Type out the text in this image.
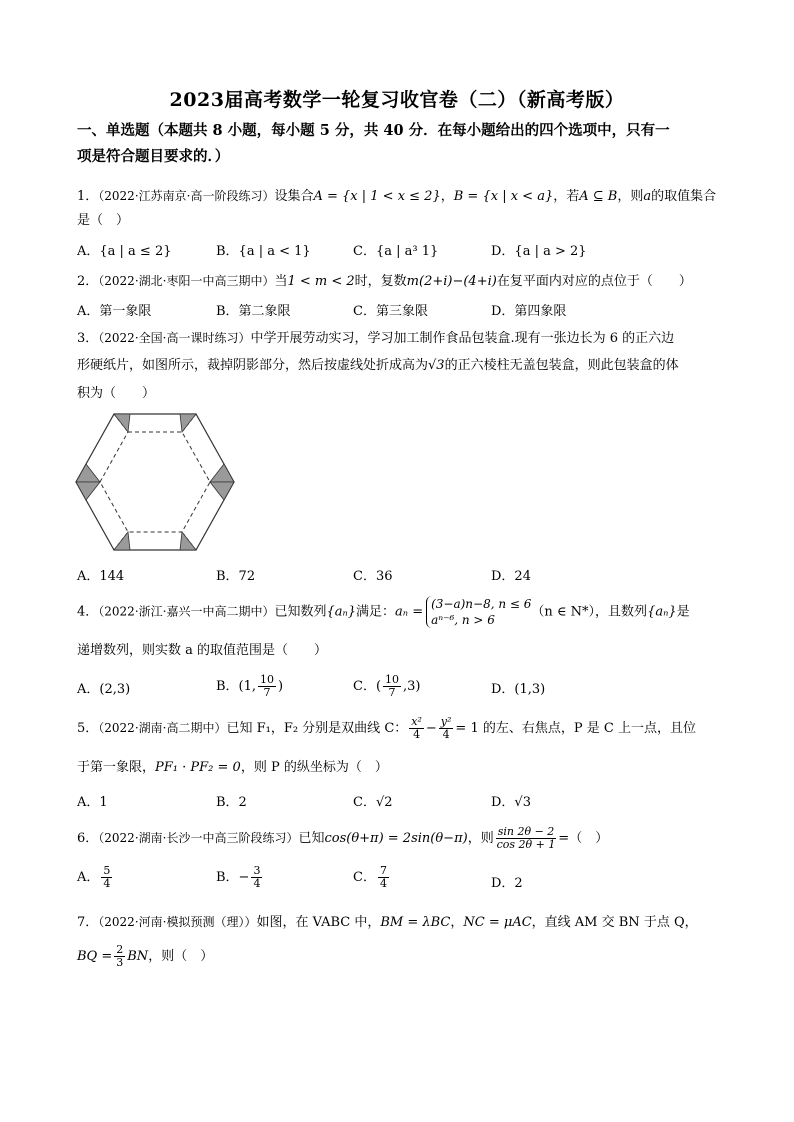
2023届高考数学一轮复习收官卷（二）（新高考版）
一、单选题（本题共 8 小题，每小题 5 分，共 40 分．在每小题给出的四个选项中，只有一
项是符合题目要求的．）
1．（2022·江苏南京·高一阶段练习）设集合A = {x | 1 < x ≤ 2}，B = {x | x < a}，若A ⊆ B，则a的取值集合
是（　）
A．{a | a ≤ 2}	B．{a | a < 1}	C．{a | a³ 1}	D．{a | a > 2}
2．（2022·湖北·枣阳一中高三期中）当1 < m < 2时，复数m(2+i)−(4+i)在复平面内对应的点位于（　　）
A．第一象限	B．第二象限	C．第三象限	D．第四象限
3．（2022·全国·高一课时练习）中学开展劳动实习，学习加工制作食品包装盒.现有一张边长为 6 的正六边
形硬纸片，如图所示，裁掉阴影部分，然后按虚线处折成高为√3的正六棱柱无盖包装盒，则此包装盒的体
积为（　　）
A．144	B．72	C．36	D．24
4．（2022·浙江·嘉兴一中高二期中）已知数列{aₙ}满足：aₙ =
(3−a)n−8, n ≤ 6
aⁿ⁻⁶, n > 6
（n ∈ N*），且数列{aₙ}是
递增数列，则实数 a 的取值范围是（　　）
A．(2,3)	B．(1, $\frac{10}{7}$ )	C．( $\frac{10}{7} ,3$)	D．(1,3)
5．（2022·湖南·高二期中）已知 F₁，F₂ 分别是双曲线 C： $\frac{\text{x²}}{4} - \frac{\text{y²}}{4} = 1$ 的左、右焦点，P 是 C 上一点，且位
于第一象限，PF₁ · PF₂ = 0，则 P 的纵坐标为（　）
A．1	B．2	C．√2	D．√3
6．（2022·湖南·长沙一中高三阶段练习）已知cos(θ+π) = 2sin(θ−π)，则 $\frac{\sin 2\theta - 2}{\cos 2\theta + 1}$ =（　）
A． $\frac{5}{4}$	B．− $\frac{3}{4}$	C． $\frac{7}{4}$	D．2
7．（2022·河南·模拟预测（理））如图，在 VABC 中，BM = λBC，NC = μAC，直线 AM 交 BN 于点 Q，
BQ = $\frac{2}{3}$ BN，则（　）
